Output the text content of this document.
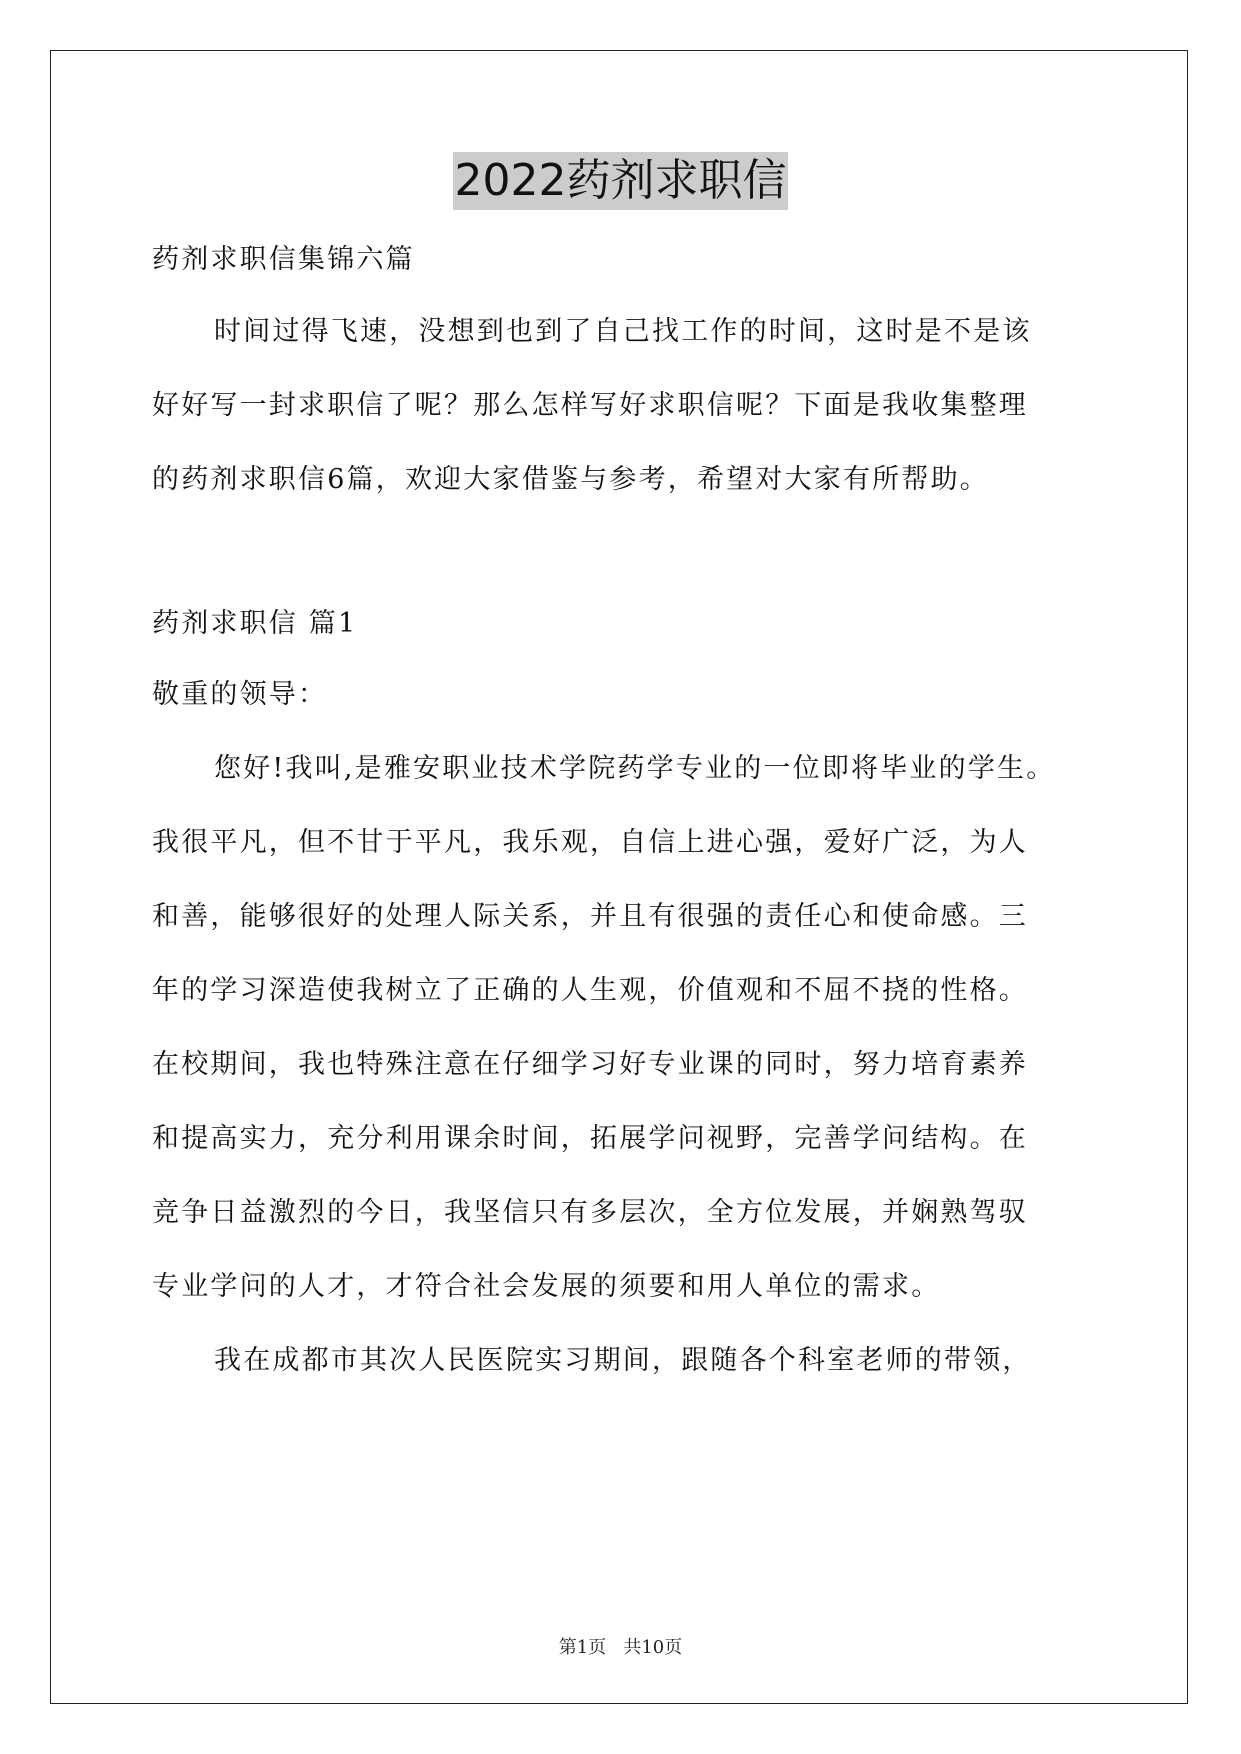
2022药剂求职信
药剂求职信集锦六篇
时间过得飞速，没想到也到了自己找工作的时间，这时是不是该
好好写一封求职信了呢？那么怎样写好求职信呢？下面是我收集整理
的药剂求职信6篇，欢迎大家借鉴与参考，希望对大家有所帮助。
药剂求职信 篇1
敬重的领导：
您好!我叫,是雅安职业技术学院药学专业的一位即将毕业的学生。
我很平凡，但不甘于平凡，我乐观，自信上进心强，爱好广泛，为人
和善，能够很好的处理人际关系，并且有很强的责任心和使命感。三
年的学习深造使我树立了正确的人生观，价值观和不屈不挠的性格。
在校期间，我也特殊注意在仔细学习好专业课的同时，努力培育素养
和提高实力，充分利用课余时间，拓展学问视野，完善学问结构。在
竞争日益激烈的今日，我坚信只有多层次，全方位发展，并娴熟驾驭
专业学问的人才，才符合社会发展的须要和用人单位的需求。
我在成都市其次人民医院实习期间，跟随各个科室老师的带领，
第1页   共10页
